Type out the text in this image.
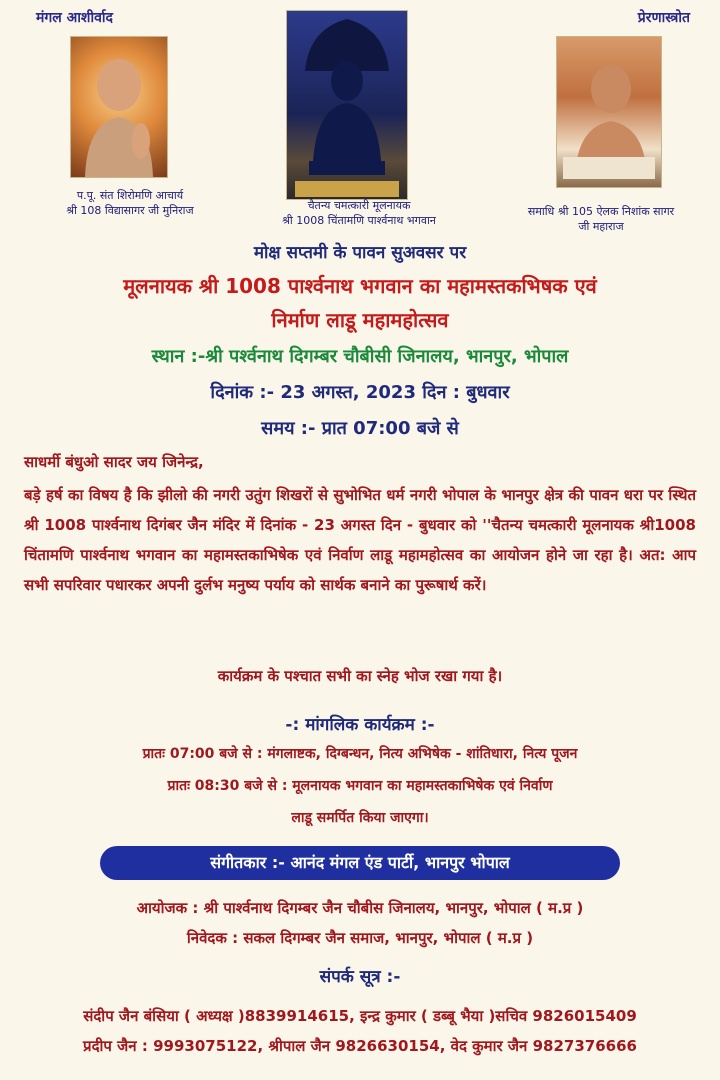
मंगल आशीर्वाद	प्रेरणास्त्रोत
प.पू. संत शिरोमणि आचार्य
श्री 108 विद्यासागर जी मुनिराज	चैतन्य चमत्कारी मूलनायक
श्री 1008 चिंतामणि पार्श्वनाथ भगवान
समाधि श्री 105 ऐलक निशांक सागर
जी महाराज
मोक्ष सप्तमी के पावन सुअवसर पर
मूलनायक श्री 1008 पार्श्वनाथ भगवान का महामस्तकभिषक एवं
निर्माण लाडू महामहोत्सव
स्थान :-श्री पर्श्वनाथ दिगम्बर चौबीसी जिनालय, भानपुर, भोपाल
दिनांक :- 23 अगस्त, 2023 दिन : बुधवार
समय :- प्रात 07:00 बजे से
साधर्मी बंधुओ सादर जय जिनेन्द्र,
बड़े हर्ष का विषय है कि झीलो की नगरी उतुंग शिखरों से सुभोभित धर्म नगरी भोपाल के भानपुर क्षेत्र की पावन धरा पर स्थित श्री 1008 पार्श्वनाथ दिगंबर जैन मंदिर में दिनांक - 23 अगस्त दिन - बुधवार को ''चैतन्य चमत्कारी मूलनायक श्री1008 चिंतामणि पार्श्वनाथ भगवान का महामस्तकाभिषेक एवं निर्वाण लाडू महामहोत्सव का आयोजन होने जा रहा है। अत: आप सभी सपरिवार पधारकर अपनी दुर्लभ मनुष्य पर्याय को सार्थक बनाने का पुरूषार्थ करें।
कार्यक्रम के पश्चात सभी का स्नेह भोज रखा गया है।
-: मांगलिक कार्यक्रम :-
प्रातः 07:00 बजे से : मंगलाष्टक, दिग्बन्धन, नित्य अभिषेक - शांतिधारा, नित्य पूजन
प्रातः 08:30 बजे से : मूलनायक भगवान का महामस्तकाभिषेक एवं निर्वाण
लाडू समर्पित किया जाएगा।
संगीतकार :- आनंद मंगल एंड पार्टी, भानपुर भोपाल
आयोजक : श्री पार्श्वनाथ दिगम्बर जैन चौबीस जिनालय, भानपुर, भोपाल ( म.प्र )
निवेदक : सकल दिगम्बर जैन समाज, भानपुर, भोपाल ( म.प्र )
संपर्क सूत्र :-
संदीप जैन बंसिया ( अध्यक्ष )8839914615, इन्द्र कुमार ( डब्बू भैया )सचिव 9826015409
प्रदीप जैन : 9993075122, श्रीपाल जैन 9826630154, वेद कुमार जैन 9827376666
